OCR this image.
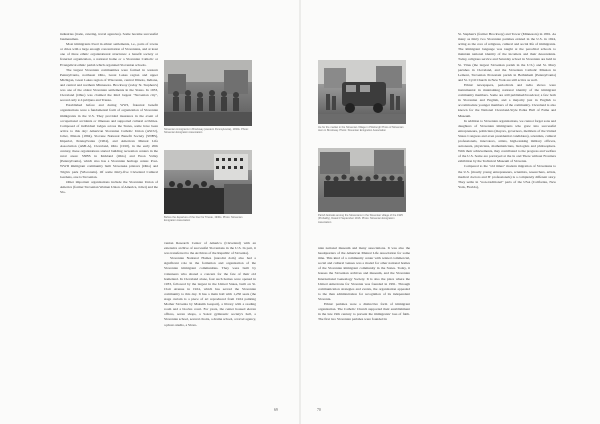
industries (trade, catering, travel agencies). Some became successful businessmen.

Most immigrants lived in ethnic settlements, i.e., parts of towns or cities with a large enough concentration of Slovenians, and at least one of three ethnic organizational structures: a benefit society or fraternal organization, a national home or a Slovenian Catholic or Evangelical ethnic parish which organized Slovenian schools.

The largest Slovenian communities were formed in western Pennsylvania, northeast Ohio, Great Lakes region and upper Michigan, Great Lakes region of Wisconsin, central Illinois, Indiana, and central and northern Minnesota. Brockway (today St. Stephen's) was one of the oldest Slovenian settlements in the States. In 1933, Cleveland (Ohio) was claimed the third largest "Slovenian city", second only to Ljubljana and Trieste.

Established before and during WWI, fraternal benefit organizations were a fundamental form of organization of Slovenian immigrants in the U.S. They provided insurance in the event of occupational accidents or illnesses and supported cultural activities. Composed of individual lodges across the States, some have been active to this day: American Slovenian Catholic Union (ASCU), Joliet, Illinois (1894), Slovene National Benefit Society (SNBS), Imperial, Pennsylvania (1904), and American Mutual Life Association (AMLA), Cleveland, Ohio (1910), in the early 20th century, these organizations started building recreation centers in the rural areas: SNBS in Kirkland (Ohio) and Enon Valley (Pennsylvania), which also has a Slovenian heritage center. Post-WWII immigrant community built Slovenska pristava (Ohio) and Triglav park (Wisconsin). Of some thirty-five Cleveland Cultural Gardens, one is Slovenian.

Other important organizations include the Slovenian Union of America (former Slovenian Women Union of America, Joliet) and the Slo-

Slovenian immigrants in Brockway (western Pennsylvania), 1930s. Photo: Slovenian Emigration Association
Before the departure of the liner for Trieste, 1930s. Photo: Slovenian Emigration Association

venian Research Center of America (Cleveland) with an extensive archive of successful Slovenians in the U.S. In part, it was transferred to the Archives of the Republic of Slovenia).

Slovenian National Homes (narodni dom) also had a significant role in the formation and organization of the Slovenian immigrant communities. They were built by volunteers who shared a concern for the fate of their old homeland. In Cleveland alone, four such homes were opened in 1933, followed by the largest in the United States, built on St. Clair Avenue in 1924, which has served the Slovenian community to this day. It has a main hall with 1,250 seats (the stage curtain is a piece of art reproduced from 1924 painting Mother Slovenia by Maksim Gaspari), a library with a reading room and a biocles court. For years, the center housed eleven offices, seven shops, a Sokol gymnastic society's hall, a Slovenian school, several choirs, a drama school, a travel agency, a photo studio, a Slove-

69
Ice for the market in the Slovenian Village in Pittsburgh Photo of Slovenian town in Brockway. Photo: Slovenian Emigration Association
Parish festivals among the Slovenians in the Slovenian village of the 1925 (Probably), Dated 3 September 1916. Photo: Slovenian Emigration Association

nian national museum and many associations. It was also the headquarters of the American Mutual Life Association for some time. This kind of a community center with related commercial, social and cultural venues was a model for other national homes of the Slovenian immigrant community in the States. Today, it houses the Slovenian archives and museum, and the Slovenian International Genealogy Society. It is also the place where the United Americans for Slovenia was founded in 1991. Through communication strategies and events, the organization appealed to the then administration for recognition of its independent Slovenia.

Ethnic parishes were a distinctive form of immigrant organization. The Catholic Church supported their establishment in the late 19th century to prevent the immigrants' loss of faith. The first two Slovenian parishes were founded in

St. Stephen's (former Brockway) and Tower (Minnesota) in 1891. As many as thirty two Slovenian parishes existed in the U.S. in 1924, acting as the core of religious, cultural and social life of immigrants. The immigrant language was taught at the parochial schools to maintain national identity of the incomers and their descendants. Today, religious service and Saturday school in Slovenian are held in St. Vitus (the largest Slovenian parish in the U.S.) and St. Mary parishes in Cleveland, and the Slovenian Catholic Mission in Lemont, Slovenian Protestant parish in Bethlehem (Pennsylvania) and St. Cyril Church in New York are still active as well.

Ethnic newspapers, periodicals and radio shows were instrumental in maintaining national identity of the immigrant community members. Some are still published/broadcast; a few both in Slovenian and English, and a majority just in English to accommodate younger members of the community. Cleveland is also known for the National Cleveland-Style Polka Hall of Fame and Museum.

In addition to Slovenian organizations, we cannot forget sons and daughters of Slovenian immigrants who grew into successful entrepreneurs, politicians (mayors, governors, members of the United States Congress and even presidential candidates), scientists, cultural professionals, innovators, artists, high-ranking military officers, astronauts, physicians, mathematicians, biologists and philosophers. With their achievements, they contributed to the progress and welfare of the U.S. Some are portrayed at the Ia ond There without Frontiers exhibition by the Technical Museum of Slovenia.

Compared to the "old times" modern migration of Slovenians to the U.S. (mostly young entrepreneurs, scientists, researchers, artists, medical doctors and IT professionals) is a completely different story. They settle in "non-traditional" parts of the USA (California, New York, Florida),

70
